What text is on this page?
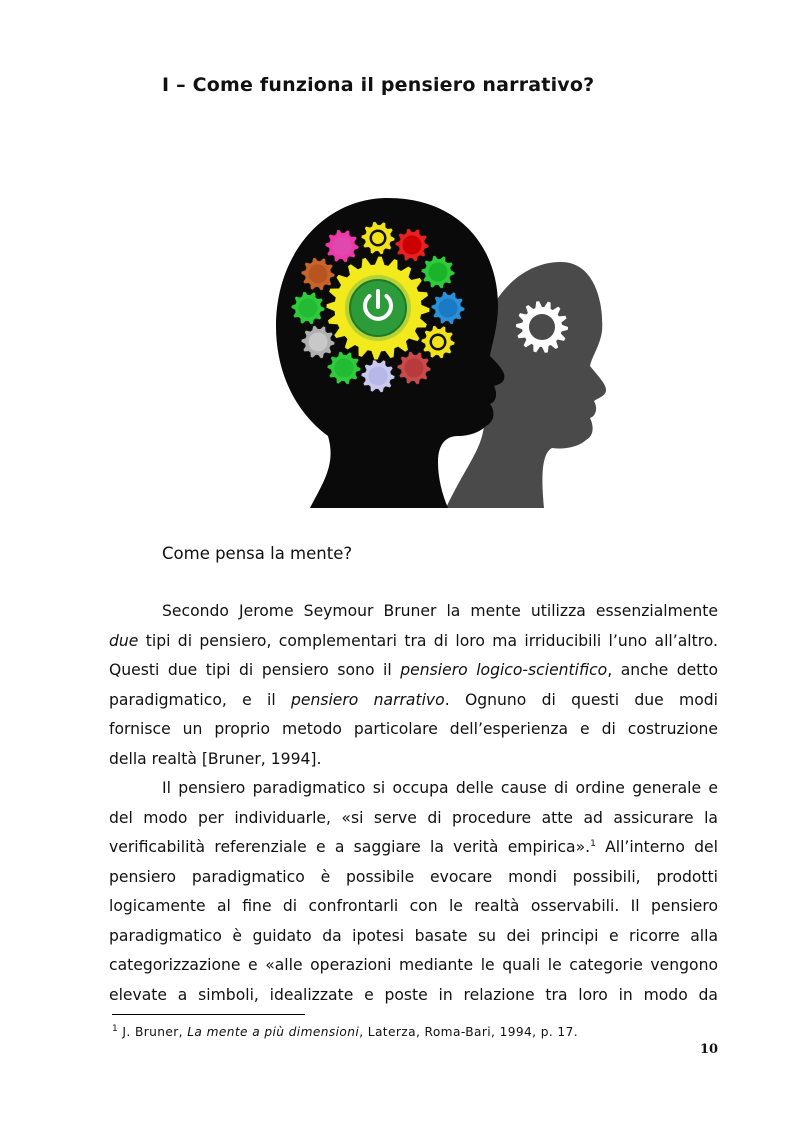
I – Come funziona il pensiero narrativo?
Come pensa la mente?

Secondo Jerome Seymour Bruner la mente utilizza essenzialmente
due tipi di pensiero, complementari tra di loro ma irriducibili l’uno all’altro.
Questi due tipi di pensiero sono il pensiero logico-scientifico, anche detto
paradigmatico, e il pensiero narrativo. Ognuno di questi due modi
fornisce un proprio metodo particolare dell’esperienza e di costruzione
della realtà [Bruner, 1994].

Il pensiero paradigmatico si occupa delle cause di ordine generale e
del modo per individuarle, «si serve di procedure atte ad assicurare la
verificabilità referenziale e a saggiare la verità empirica».$^1$ All’interno del
pensiero paradigmatico è possibile evocare mondi possibili, prodotti
logicamente al fine di confrontarli con le realtà osservabili. Il pensiero
paradigmatico è guidato da ipotesi basate su dei principi e ricorre alla
categorizzazione e «alle operazioni mediante le quali le categorie vengono
elevate a simboli, idealizzate e poste in relazione tra loro in modo da

$^1$ J. Bruner, La mente a più dimensioni, Laterza, Roma-Bari, 1994, p. 17.
10
